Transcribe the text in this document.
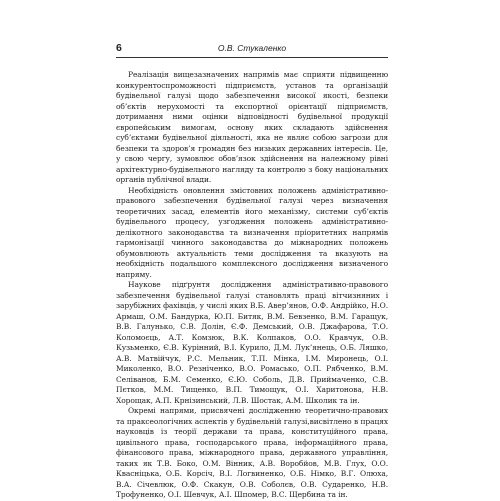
6	О.В. Стукаленко

Реалізація вищезазначених напрямів має сприяти підвищенню конкурентоспроможності підприємств, установ та організацій будівельної галузі щодо забезпечення високої якості, безпеки об’єктів нерухомості та експортної орієнтації підприємств, дотримання ними оцінки відповідності будівельної продукції європейським вимогам, основу яких складають здійснення суб’єктами будівельної діяльності, яка не являє собою загрози для безпеки та здоров’я громадян без низьких державних інтересів. Це, у свою чергу, зумовлює обов’язок здійснення на належному рівні архітектурно-будівельного нагляду та контролю з боку національних органів публічної влади.

Необхідність оновлення змістовних положень адміністративно-правового забезпечення будівельної галузі через визначення теоретичних засад, елементів його механізму, системи суб’єктів будівельного процесу, узгодження положень адміністративно-делікотного законодавства та визначення пріоритетних напрямів гармонізації чинного законодавства до міжнародних положень обумовлюють актуальність теми дослідження та вказують на необхідність подальшого комплексного дослідження визначеного напряму.

Наукове підґрунтя дослідження адміністративно-правового забезпечення будівельної галузі становлять праці вітчизняних і зарубіжних фахівців, у числі яких В.Б. Авер’янов, О.Ф. Андрійко, Н.О. Армаш, О.М. Бандурка, Ю.П. Битяк, В.М. Бевзенко, В.М. Гаращук, В.В. Галунько, С.В. Долін, Є.Ф. Демський, О.В. Джафарова, Т.О. Коломоєць, А.Т. Комзюк, В.К. Колпаков, О.О. Кравчук, О.В. Кузьменко, Є.В. Курінний, В.І. Курило, Д.М. Лук’янець, О.Б. Ляшко, А.В. Матвійчук, Р.С. Мельник, Т.П. Мінка, І.М. Миронець, О.І. Миколенко, В.О. Резніченко, В.О. Ромасько, О.П. Рябченко, В.М. Селіванов, Б.М. Семенко, Є.Ю. Соболь, Д.В. Приймаченко, С.В. Пєтков, М.М. Тищенко, В.П. Тимощук, О.І. Харитонова, Н.В. Хорощак, А.П. Крнізинський, Л.В. Шостак, А.М. Школик та ін.

Окремі напрями, присвячені дослідженню теоретично-правових та праксеологічних аспектів у будівельній галузі,висвітлено в працях науковців із теорії держави та права, конституційного права, цивільного права, господарського права, інформаційного права, фінансового права, міжнародного права, державного управління, таких як Т.В. Боко, О.М. Вінник, А.В. Воробйов, М.В. Глух, О.О. Квасніцька, О.Б. Корсіч, В.І. Логвиненко, О.Б. Німко, В.Г. Олюха, В.А. Січевлюк, О.Ф. Скакун, О.В. Соболєв, О.В. Сударенко, Н.В. Трофуненко, О.І. Шевчук, А.І. Шпомер, В.С. Щербина та ін.
